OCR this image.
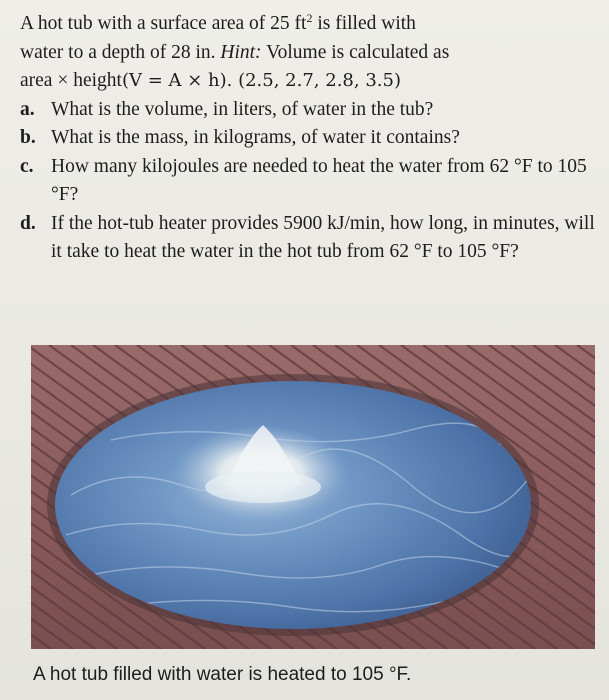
A hot tub with a surface area of 25 $ft^2$ is filled with
water to a depth of 28 in. Hint: Volume is calculated as
area × height(V = A × h). (2.5, 2.7, 2.8, 3.5)
a. What is the volume, in liters, of water in the tub?
b. What is the mass, in kilograms, of water it contains?
c. How many kilojoules are needed to heat the water from 62 °F to 105 °F?
d. If the hot-tub heater provides 5900 kJ/min, how long, in minutes, will it take to heat the water in the hot tub from 62 °F to 105 °F?
A hot tub filled with water is heated to 105 °F.
